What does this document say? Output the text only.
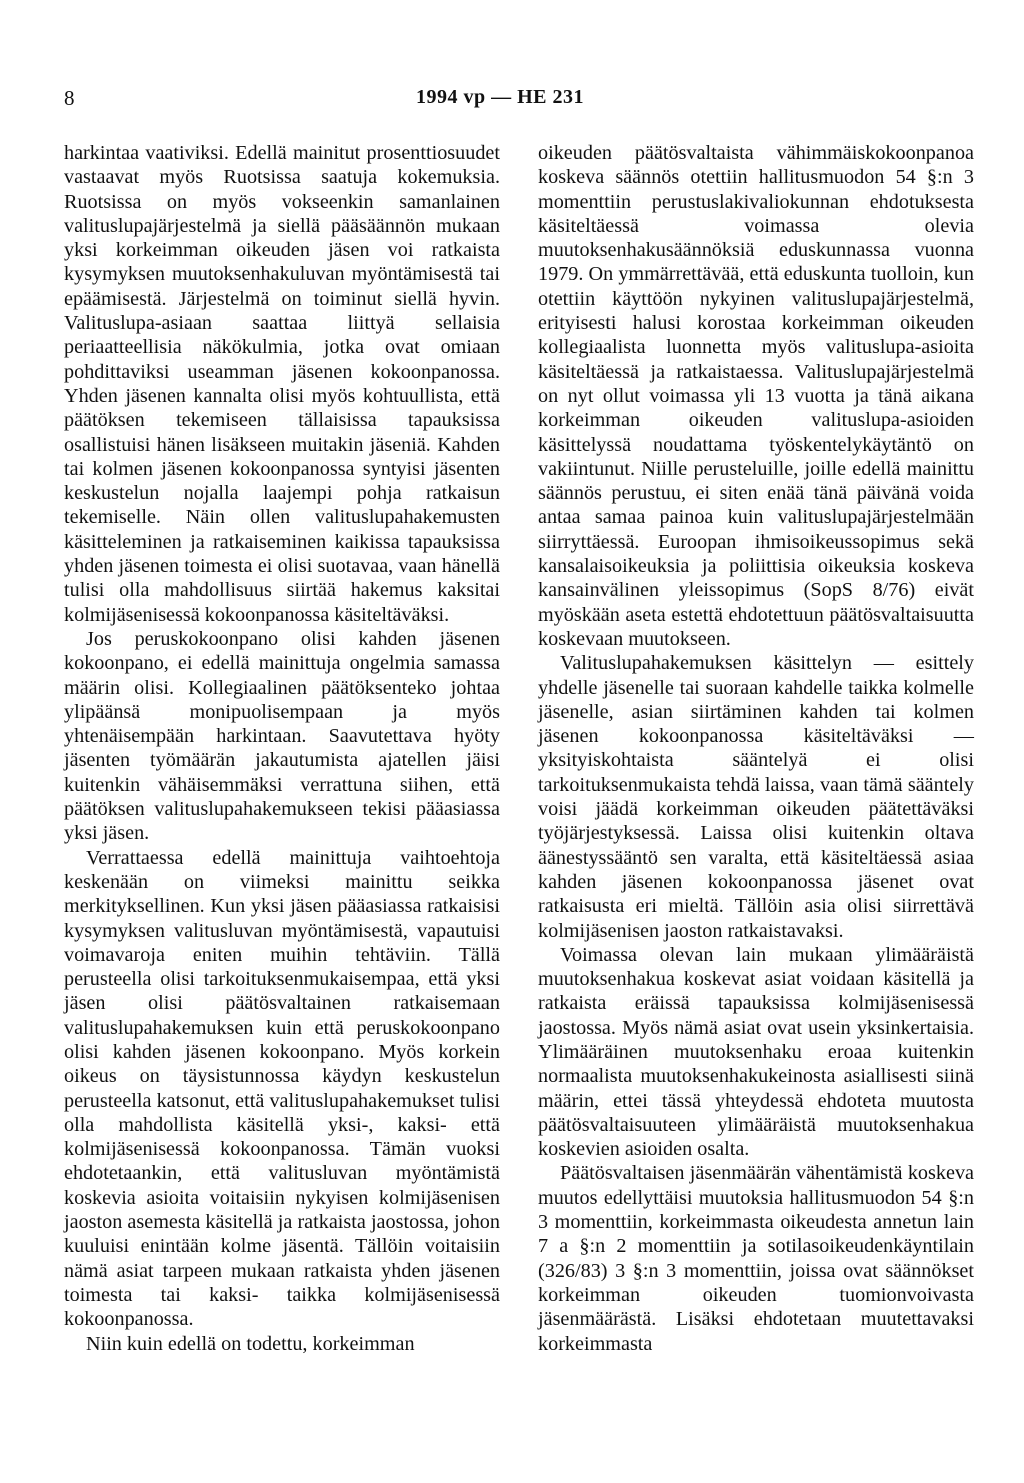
8	1994 vp — HE 231

harkintaa vaativiksi. Edellä mainitut prosenttiosuudet vastaavat myös Ruotsissa saatuja kokemuksia. Ruotsissa on myös vokseenkin samanlainen valituslupajärjestelmä ja siellä pääsäännön mukaan yksi korkeimman oikeuden jäsen voi ratkaista kysymyksen muutoksenhakuluvan myöntämisestä tai epäämisestä. Järjestelmä on toiminut siellä hyvin. Valituslupa-asiaan saattaa liittyä sellaisia periaatteellisia näkökulmia, jotka ovat omiaan pohdittaviksi useamman jäsenen kokoonpanossa. Yhden jäsenen kannalta olisi myös kohtuullista, että päätöksen tekemiseen tällaisissa tapauksissa osallistuisi hänen lisäkseen muitakin jäseniä. Kahden tai kolmen jäsenen kokoonpanossa syntyisi jäsenten keskustelun nojalla laajempi pohja ratkaisun tekemiselle. Näin ollen valituslupahakemusten käsitteleminen ja ratkaiseminen kaikissa tapauksissa yhden jäsenen toimesta ei olisi suotavaa, vaan hänellä tulisi olla mahdollisuus siirtää hakemus kaksitai kolmijäsenisessä kokoonpanossa käsiteltäväksi.

Jos peruskokoonpano olisi kahden jäsenen kokoonpano, ei edellä mainittuja ongelmia samassa määrin olisi. Kollegiaalinen päätöksenteko johtaa ylipäänsä monipuolisempaan ja myös yhtenäisempään harkintaan. Saavutettava hyöty jäsenten työmäärän jakautumista ajatellen jäisi kuitenkin vähäisemmäksi verrattuna siihen, että päätöksen valituslupahakemukseen tekisi pääasiassa yksi jäsen.

Verrattaessa edellä mainittuja vaihtoehtoja keskenään on viimeksi mainittu seikka merkityksellinen. Kun yksi jäsen pääasiassa ratkaisisi kysymyksen valitusluvan myöntämisestä, vapautuisi voimavaroja eniten muihin tehtäviin. Tällä perusteella olisi tarkoituksenmukaisempaa, että yksi jäsen olisi päätösvaltainen ratkaisemaan valituslupahakemuksen kuin että peruskokoonpano olisi kahden jäsenen kokoonpano. Myös korkein oikeus on täysistunnossa käydyn keskustelun perusteella katsonut, että valituslupahakemukset tulisi olla mahdollista käsitellä yksi-, kaksi- että kolmijäsenisessä kokoonpanossa. Tämän vuoksi ehdotetaankin, että valitusluvan myöntämistä koskevia asioita voitaisiin nykyisen kolmijäsenisen jaoston asemesta käsitellä ja ratkaista jaostossa, johon kuuluisi enintään kolme jäsentä. Tällöin voitaisiin nämä asiat tarpeen mukaan ratkaista yhden jäsenen toimesta tai kaksi- taikka kolmijäsenisessä kokoonpanossa.

Niin kuin edellä on todettu, korkeimman

oikeuden päätösvaltaista vähimmäiskokoonpanoa koskeva säännös otettiin hallitusmuodon 54 §:n 3 momenttiin perustuslakivaliokunnan ehdotuksesta käsiteltäessä voimassa olevia muutoksenhakusäännöksiä eduskunnassa vuonna 1979. On ymmärrettävää, että eduskunta tuolloin, kun otettiin käyttöön nykyinen valituslupajärjestelmä, erityisesti halusi korostaa korkeimman oikeuden kollegiaalista luonnetta myös valituslupa-asioita käsiteltäessä ja ratkaistaessa. Valituslupajärjestelmä on nyt ollut voimassa yli 13 vuotta ja tänä aikana korkeimman oikeuden valituslupa-asioiden käsittelyssä noudattama työskentelykäytäntö on vakiintunut. Niille perusteluille, joille edellä mainittu säännös perustuu, ei siten enää tänä päivänä voida antaa samaa painoa kuin valituslupajärjestelmään siirryttäessä. Euroopan ihmisoikeussopimus sekä kansalaisoikeuksia ja poliittisia oikeuksia koskeva kansainvälinen yleissopimus (SopS 8/76) eivät myöskään aseta estettä ehdotettuun päätösvaltaisuutta koskevaan muutokseen.

Valituslupahakemuksen käsittelyn — esittely yhdelle jäsenelle tai suoraan kahdelle taikka kolmelle jäsenelle, asian siirtäminen kahden tai kolmen jäsenen kokoonpanossa käsiteltäväksi — yksityiskohtaista sääntelyä ei olisi tarkoituksenmukaista tehdä laissa, vaan tämä sääntely voisi jäädä korkeimman oikeuden päätettäväksi työjärjestyksessä. Laissa olisi kuitenkin oltava äänestyssääntö sen varalta, että käsiteltäessä asiaa kahden jäsenen kokoonpanossa jäsenet ovat ratkaisusta eri mieltä. Tällöin asia olisi siirrettävä kolmijäsenisen jaoston ratkaistavaksi.

Voimassa olevan lain mukaan ylimääräistä muutoksenhakua koskevat asiat voidaan käsitellä ja ratkaista eräissä tapauksissa kolmijäsenisessä jaostossa. Myös nämä asiat ovat usein yksinkertaisia. Ylimääräinen muutoksenhaku eroaa kuitenkin normaalista muutoksenhakukeinosta asiallisesti siinä määrin, ettei tässä yhteydessä ehdoteta muutosta päätösvaltaisuuteen ylimääräistä muutoksenhakua koskevien asioiden osalta.

Päätösvaltaisen jäsenmäärän vähentämistä koskeva muutos edellyttäisi muutoksia hallitusmuodon 54 §:n 3 momenttiin, korkeimmasta oikeudesta annetun lain 7 a §:n 2 momenttiin ja sotilasoikeudenkäyntilain (326/83) 3 §:n 3 momenttiin, joissa ovat säännökset korkeimman oikeuden tuomionvoivasta jäsenmäärästä. Lisäksi ehdotetaan muutettavaksi korkeimmasta
